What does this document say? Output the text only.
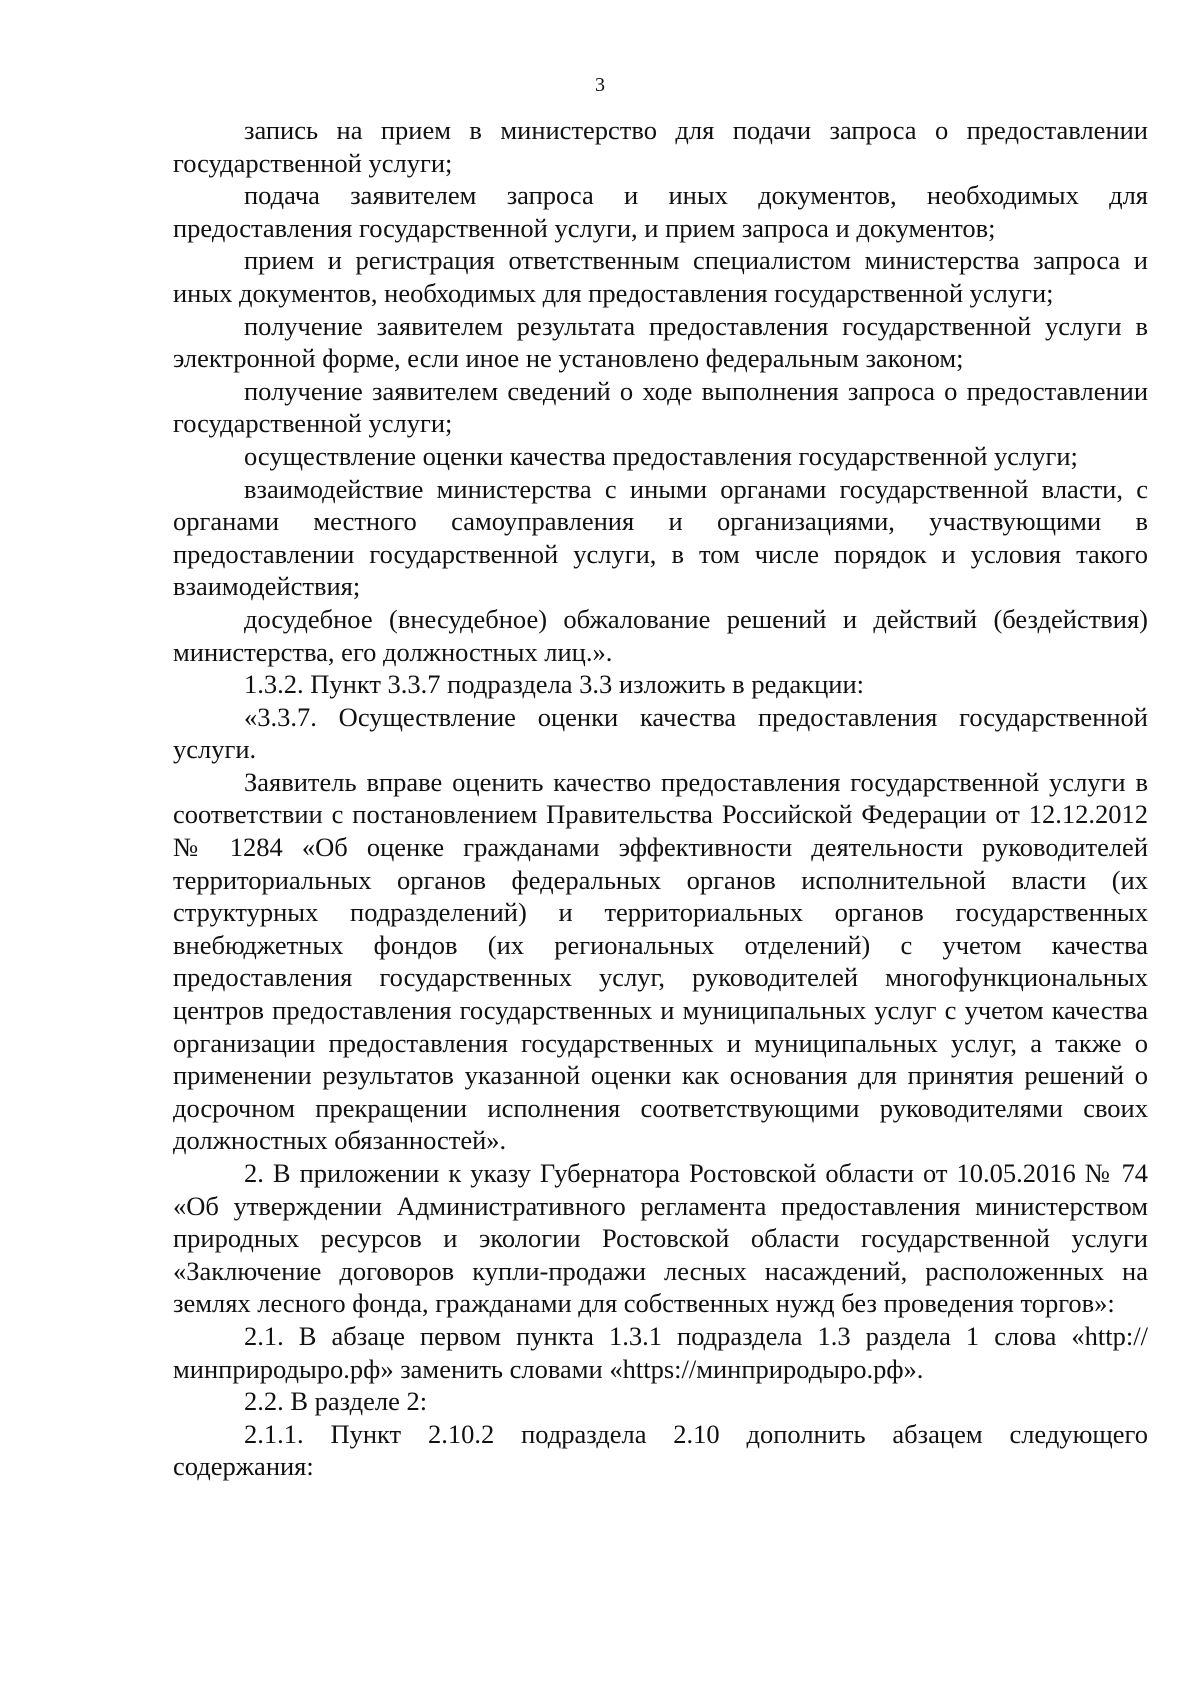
3

запись на прием в министерство для подачи запроса о предоставлении государственной услуги;

подача заявителем запроса и иных документов, необходимых для предоставления государственной услуги, и прием запроса и документов;

прием и регистрация ответственным специалистом министерства запроса и иных документов, необходимых для предоставления государственной услуги;

получение заявителем результата предоставления государственной услуги в электронной форме, если иное не установлено федеральным законом;

получение заявителем сведений о ходе выполнения запроса о предоставлении государственной услуги;

осуществление оценки качества предоставления государственной услуги;

взаимодействие министерства с иными органами государственной власти, с органами местного самоуправления и организациями, участвующими в предоставлении государственной услуги, в том числе порядок и условия такого взаимодействия;

досудебное (внесудебное) обжалование решений и действий (бездействия) министерства, его должностных лиц.».

1.3.2. Пункт 3.3.7 подраздела 3.3 изложить в редакции:

«3.3.7. Осуществление оценки качества предоставления государственной услуги.

Заявитель вправе оценить качество предоставления государственной услуги в соответствии с постановлением Правительства Российской Федерации от 12.12.2012 № 1284 «Об оценке гражданами эффективности деятельности руководителей территориальных органов федеральных органов исполнительной власти (их структурных подразделений) и территориальных органов государственных внебюджетных фондов (их региональных отделений) с учетом качества предоставления государственных услуг, руководителей многофункциональных центров предоставления государственных и муниципальных услуг с учетом качества организации предоставления государственных и муниципальных услуг, а также о применении результатов указанной оценки как основания для принятия решений о досрочном прекращении исполнения соответствующими руководителями своих должностных обязанностей».

2. В приложении к указу Губернатора Ростовской области от 10.05.2016 № 74 «Об утверждении Административного регламента предоставления министерством природных ресурсов и экологии Ростовской области государственной услуги «Заключение договоров купли-продажи лесных насаждений, расположенных на землях лесного фонда, гражданами для собственных нужд без проведения торгов»:

2.1. В абзаце первом пункта 1.3.1 подраздела 1.3 раздела 1 слова «http://минприродыро.рф» заменить словами «https://минприродыро.рф».

2.2. В разделе 2:

2.1.1. Пункт 2.10.2 подраздела 2.10 дополнить абзацем следующего содержания:
